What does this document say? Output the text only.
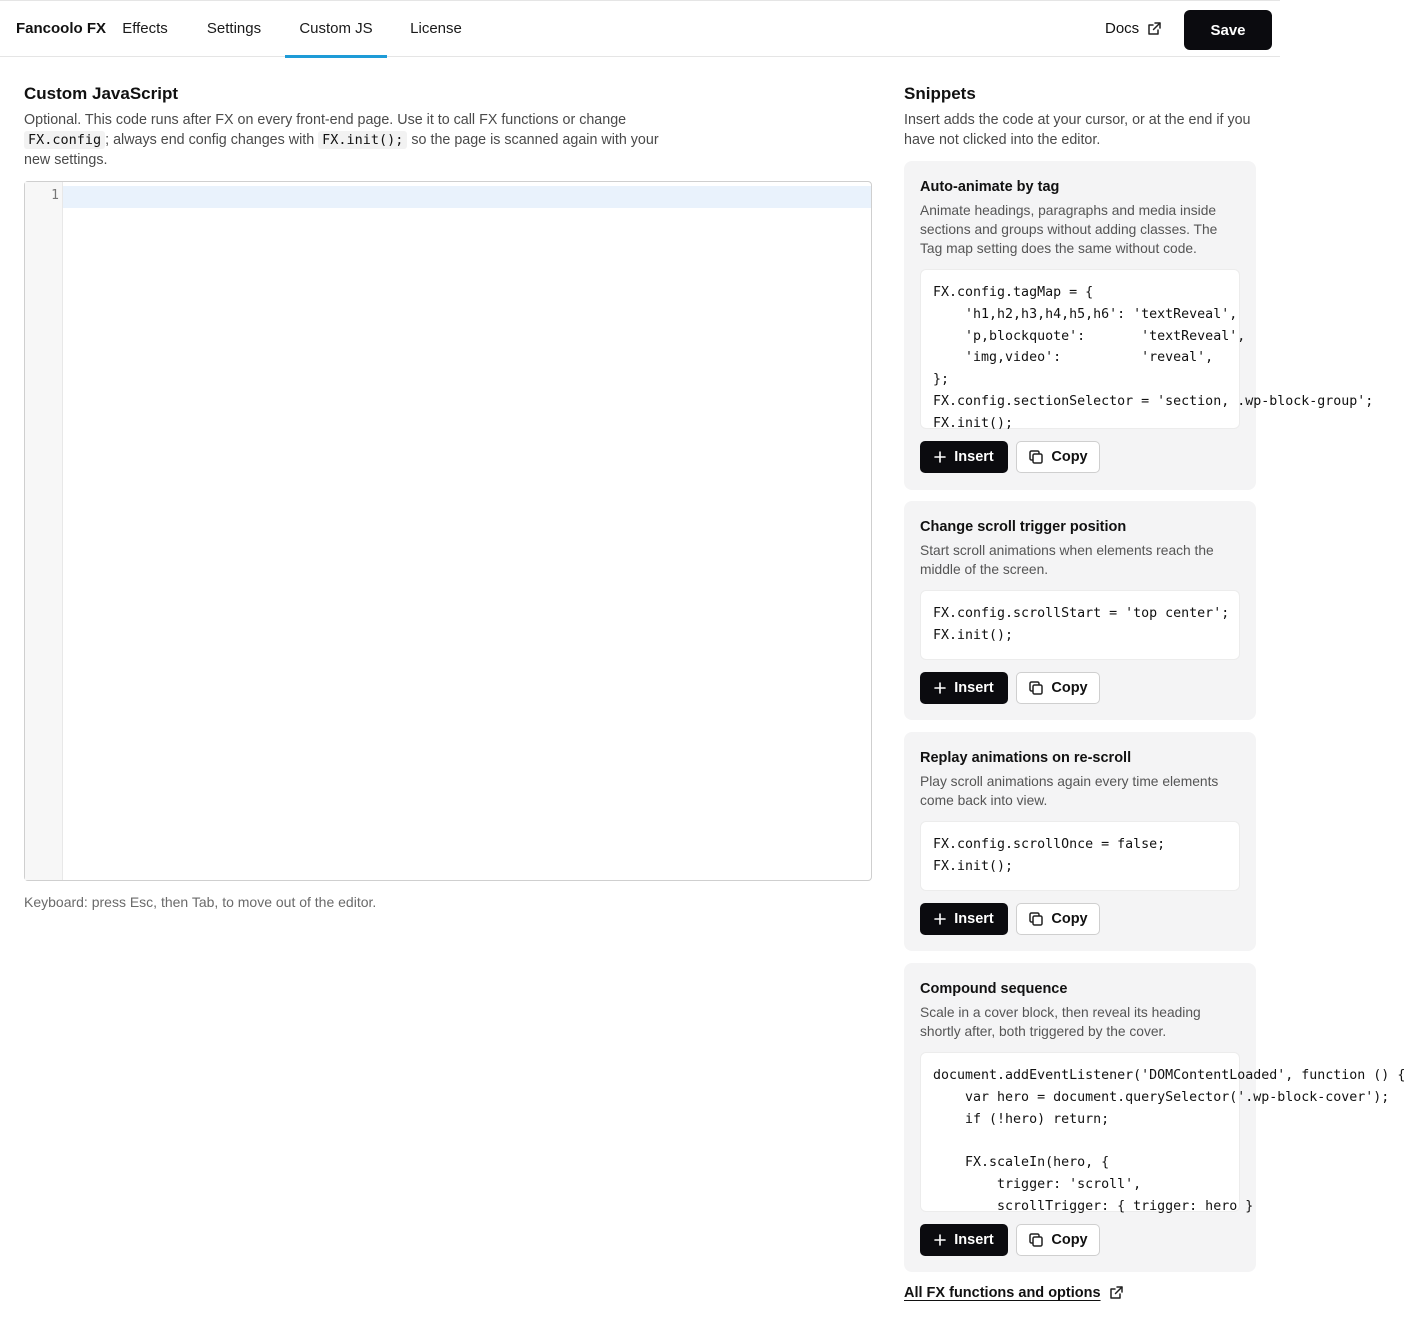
Fancoolo FX	Effects	Settings	Custom JS	License	Docs	Save
Custom JavaScript

Optional. This code runs after FX on every front-end page. Use it to call FX functions or change FX.config ; always end config changes with FX.init(); so the page is scanned again with your new settings.

1
Keyboard: press Esc, then Tab, to move out of the editor.
Snippets

Insert adds the code at your cursor, or at the end if you have not clicked into the editor.

Auto-animate by tag
Animate headings, paragraphs and media inside sections and groups without adding classes. The Tag map setting does the same without code.
FX.config.tagMap = {
'h1,h2,h3,h4,h5,h6': 'textReveal',
'p,blockquote':       'textReveal',
'img,video':          'reveal',
};
FX.config.sectionSelector = 'section, .wp-block-group';
FX.init();
Insert	Copy
Change scroll trigger position
Start scroll animations when elements reach the middle of the screen.
FX.config.scrollStart = 'top center';
FX.init();
Insert	Copy
Replay animations on re-scroll
Play scroll animations again every time elements come back into view.
FX.config.scrollOnce = false;
FX.init();
Insert	Copy
Compound sequence
Scale in a cover block, then reveal its heading shortly after, both triggered by the cover.
document.addEventListener('DOMContentLoaded', function () {
var hero = document.querySelector('.wp-block-cover');
if (!hero) return;

FX.scaleIn(hero, {
trigger: 'scroll',
scrollTrigger: { trigger: hero }
Insert	Copy
All FX functions and options
